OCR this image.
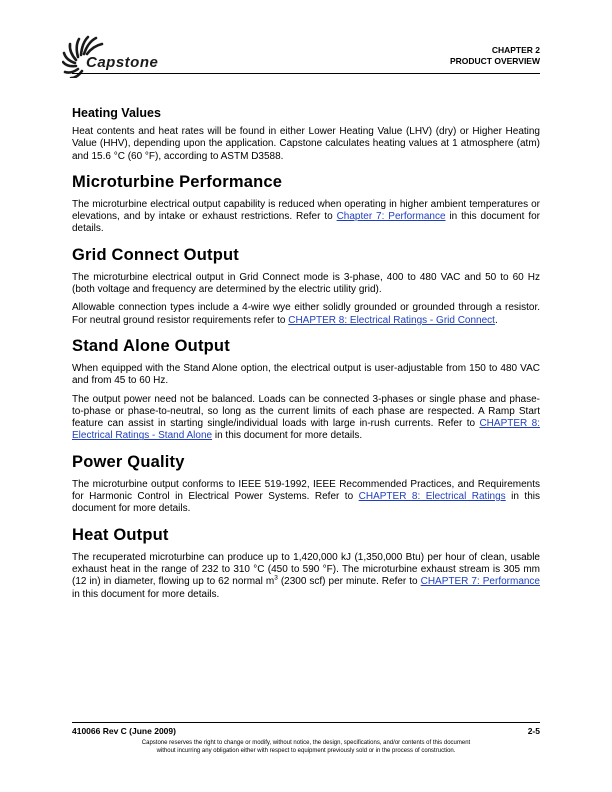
Capstone
CHAPTER 2
PRODUCT OVERVIEW
Heating Values

Heat contents and heat rates will be found in either Lower Heating Value (LHV) (dry) or Higher Heating Value (HHV), depending upon the application. Capstone calculates heating values at 1 atmosphere (atm) and 15.6 °C (60 °F), according to ASTM D3588.

Microturbine Performance

The microturbine electrical output capability is reduced when operating in higher ambient temperatures or elevations, and by intake or exhaust restrictions. Refer to Chapter 7: Performance in this document for details.

Grid Connect Output

The microturbine electrical output in Grid Connect mode is 3-phase, 400 to 480 VAC and 50 to 60 Hz (both voltage and frequency are determined by the electric utility grid).

Allowable connection types include a 4-wire wye either solidly grounded or grounded through a resistor. For neutral ground resistor requirements refer to CHAPTER 8: Electrical Ratings - Grid Connect.

Stand Alone Output

When equipped with the Stand Alone option, the electrical output is user-adjustable from 150 to 480 VAC and from 45 to 60 Hz.

The output power need not be balanced. Loads can be connected 3-phases or single phase and phase-to-phase or phase-to-neutral, so long as the current limits of each phase are respected. A Ramp Start feature can assist in starting single/individual loads with large in-rush currents. Refer to CHAPTER 8: Electrical Ratings - Stand Alone in this document for more details.

Power Quality

The microturbine output conforms to IEEE 519-1992, IEEE Recommended Practices, and Requirements for Harmonic Control in Electrical Power Systems. Refer to CHAPTER 8: Electrical Ratings in this document for more details.

Heat Output

The recuperated microturbine can produce up to 1,420,000 kJ (1,350,000 Btu) per hour of clean, usable exhaust heat in the range of 232 to 310 °C (450 to 590 °F). The microturbine exhaust stream is 305 mm (12 in) in diameter, flowing up to 62 normal $m^3$ (2300 scf) per minute. Refer to CHAPTER 7: Performance in this document for more details.

410066 Rev C (June 2009)	2-5
Capstone reserves the right to change or modify, without notice, the design, specifications, and/or contents of this document
without incurring any obligation either with respect to equipment previously sold or in the process of construction.
